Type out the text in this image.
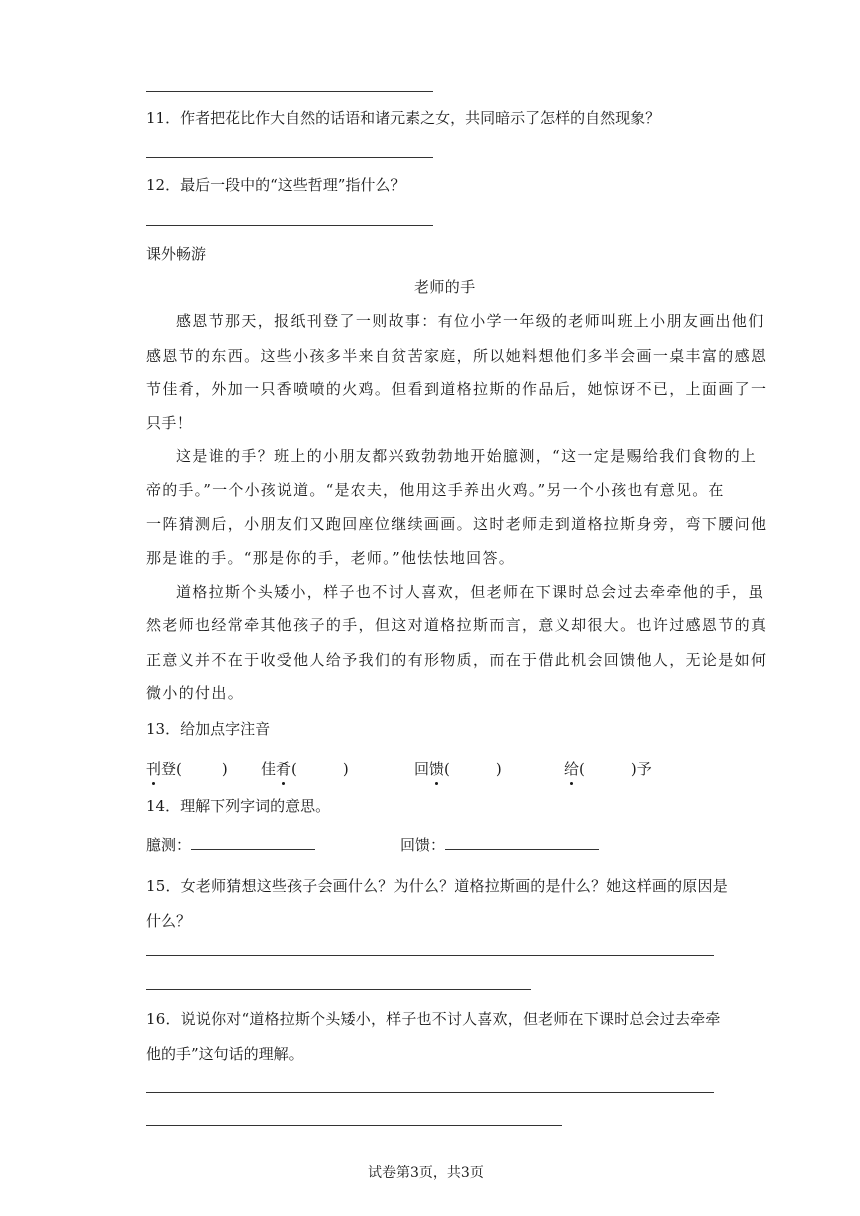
11．作者把花比作大自然的话语和诸元素之女，共同暗示了怎样的自然现象？
12．最后一段中的“这些哲理”指什么？
课外畅游
老师的手
感恩节那天，报纸刊登了一则故事：有位小学一年级的老师叫班上小朋友画出他们
感恩节的东西。这些小孩多半来自贫苦家庭，所以她料想他们多半会画一桌丰富的感恩
节佳肴，外加一只香喷喷的火鸡。但看到道格拉斯的作品后，她惊讶不已，上面画了一
只手！
这是谁的手？班上的小朋友都兴致勃勃地开始臆测，“这一定是赐给我们食物的上
帝的手。”一个小孩说道。“是农夫，他用这手养出火鸡。”另一个小孩也有意见。在
一阵猜测后，小朋友们又跑回座位继续画画。这时老师走到道格拉斯身旁，弯下腰问他
那是谁的手。“那是你的手，老师。”他怯怯地回答。
道格拉斯个头矮小，样子也不讨人喜欢，但老师在下课时总会过去牵牵他的手，虽
然老师也经常牵其他孩子的手，但这对道格拉斯而言，意义却很大。也许过感恩节的真
正意义并不在于收受他人给予我们的有形物质，而在于借此机会回馈他人，无论是如何
微小的付出。
13．给加点字注音
刊登(	) 佳肴(	)	回馈(	)	给(	)予
14．理解下列字词的意思。
臆测：	回馈：
15．女老师猜想这些孩子会画什么？为什么？道格拉斯画的是什么？她这样画的原因是
什么？
16．说说你对“道格拉斯个头矮小，样子也不讨人喜欢，但老师在下课时总会过去牵牵
他的手”这句话的理解。
试卷第3页，共3页
